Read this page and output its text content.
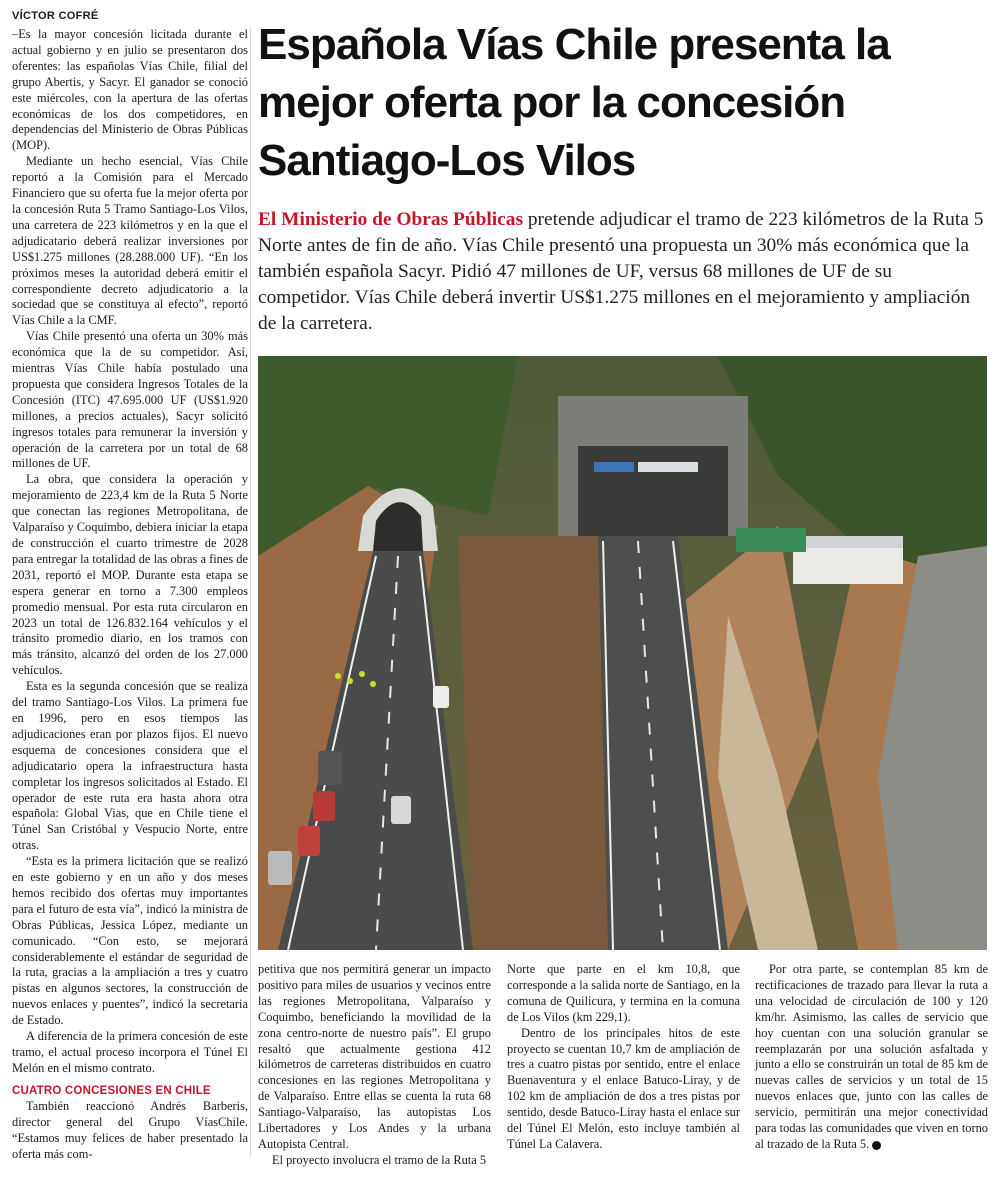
VÍCTOR COFRÉ

–Es la mayor concesión licitada durante el actual gobierno y en julio se presentaron dos oferentes: las españolas Vías Chile, filial del grupo Abertis, y Sacyr. El ganador se conoció este miércoles, con la apertura de las ofertas económicas de los dos competidores, en dependencias del Ministerio de Obras Públicas (MOP).

Mediante un hecho esencial, Vías Chile reportó a la Comisión para el Mercado Financiero que su oferta fue la mejor oferta por la concesión Ruta 5 Tramo Santiago-Los Vilos, una carretera de 223 kilómetros y en la que el adjudicatario deberá realizar inversiones por US$1.275 millones (28.288.000 UF). “En los próximos meses la autoridad deberá emitir el correspondiente decreto adjudicatorio a la sociedad que se constituya al efecto”, reportó Vías Chile a la CMF.

Vías Chile presentó una oferta un 30% más económica que la de su competidor. Así, mientras Vías Chile había postulado una propuesta que considera Ingresos Totales de la Concesión (ITC) 47.695.000 UF (US$1.920 millones, a precios actuales), Sacyr solicitó ingresos totales para remunerar la inversión y operación de la carretera por un total de 68 millones de UF.

La obra, que considera la operación y mejoramiento de 223,4 km de la Ruta 5 Norte que conectan las regiones Metropolitana, de Valparaíso y Coquimbo, debiera iniciar la etapa de construcción el cuarto trimestre de 2028 para entregar la totalidad de las obras a fines de 2031, reportó el MOP. Durante esta etapa se espera generar en torno a 7.300 empleos promedio mensual. Por esta ruta circularon en 2023 un total de 126.832.164 vehículos y el tránsito promedio diario, en los tramos con más tránsito, alcanzó del orden de los 27.000 vehículos.

Esta es la segunda concesión que se realiza del tramo Santiago-Los Vilos. La primera fue en 1996, pero en esos tiempos las adjudicaciones eran por plazos fijos. El nuevo esquema de concesiones considera que el adjudicatario opera la infraestructura hasta completar los ingresos solicitados al Estado. El operador de este ruta era hasta ahora otra española: Global Vias, que en Chile tiene el Túnel San Cristóbal y Vespucio Norte, entre otras.

“Esta es la primera licitación que se realizó en este gobierno y en un año y dos meses hemos recibido dos ofertas muy importantes para el futuro de esta vía”, indicó la ministra de Obras Públicas, Jessica López, mediante un comunicado. “Con esto, se mejorará considerablemente el estándar de seguridad de la ruta, gracias a la ampliación a tres y cuatro pistas en algunos sectores, la construcción de nuevos enlaces y puentes”, indicó la secretaria de Estado.

A diferencia de la primera concesión de este tramo, el actual proceso incorpora el Túnel El Melón en el mismo contrato.

CUATRO CONCESIONES EN CHILE

También reaccionó Andrés Barberis, director general del Grupo VíasChile. “Estamos muy felices de haber presentado la oferta más com-

Española Vías Chile presenta la mejor oferta por la concesión Santiago-Los Vilos

El Ministerio de Obras Públicas pretende adjudicar el tramo de 223 kilómetros de la Ruta 5 Norte antes de fin de año. Vías Chile presentó una propuesta un 30% más económica que la también española Sacyr. Pidió 47 millones de UF, versus 68 millones de UF de su competidor. Vías Chile deberá invertir US$1.275 millones en el mejoramiento y ampliación de la carretera.

petitiva que nos permitirá generar un impacto positivo para miles de usuarios y vecinos entre las regiones Metropolitana, Valparaíso y Coquimbo, beneficiando la movilidad de la zona centro-norte de nuestro país”. El grupo resaltó que actualmente gestiona 412 kilómetros de carreteras distribuidos en cuatro concesiones en las regiones Metropolitana y de Valparaíso. Entre ellas se cuenta la ruta 68 Santiago-Valparaíso, las autopistas Los Libertadores y Los Andes y la urbana Autopista Central.

El proyecto involucra el tramo de la Ruta 5

Norte que parte en el km 10,8, que corresponde a la salida norte de Santiago, en la comuna de Quilicura, y termina en la comuna de Los Vilos (km 229,1).

Dentro de los principales hitos de este proyecto se cuentan 10,7 km de ampliación de tres a cuatro pistas por sentido, entre el enlace Buenaventura y el enlace Batuco-Liray, y de 102 km de ampliación de dos a tres pistas por sentido, desde Batuco-Liray hasta el enlace sur del Túnel El Melón, esto incluye también al Túnel La Calavera.

Por otra parte, se contemplan 85 km de rectificaciones de trazado para llevar la ruta a una velocidad de circulación de 100 y 120 km/hr. Asimismo, las calles de servicio que hoy cuentan con una solución granular se reemplazarán por una solución asfaltada y junto a ello se construirán un total de 85 km de nuevas calles de servicios y un total de 15 nuevos enlaces que, junto con las calles de servicio, permitirán una mejor conectividad para todas las comunidades que viven en torno al trazado de la Ruta 5.
